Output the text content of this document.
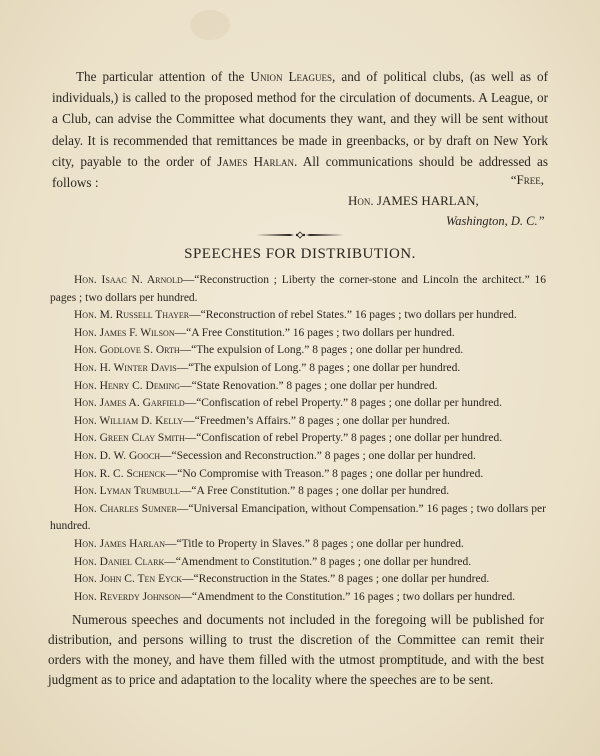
The particular attention of the Union Leagues, and of political clubs, (as well as of individuals,) is called to the proposed method for the circulation of documents. A League, or a Club, can advise the Committee what documents they want, and they will be sent without delay. It is recommended that remittances be made in greenbacks, or by draft on New York city, payable to the order of James Harlan. All communications should be addressed as follows :	“Free,
Hon. JAMES HARLAN,
Washington, D. C.”
SPEECHES FOR DISTRIBUTION.

Hon. Isaac N. Arnold—“Reconstruction ; Liberty the corner-stone and Lincoln the architect.” 16 pages ; two dollars per hundred.

Hon. M. Russell Thayer—“Reconstruction of rebel States.” 16 pages ; two dollars per hundred.

Hon. James F. Wilson—“A Free Constitution.” 16 pages ; two dollars per hundred.

Hon. Godlove S. Orth—“The expulsion of Long.” 8 pages ; one dollar per hundred.

Hon. H. Winter Davis—“The expulsion of Long.” 8 pages ; one dollar per hundred.

Hon. Henry C. Deming—“State Renovation.” 8 pages ; one dollar per hundred.

Hon. James A. Garfield—“Confiscation of rebel Property.” 8 pages ; one dollar per hundred.

Hon. William D. Kelly—“Freedmen’s Affairs.” 8 pages ; one dollar per hundred.

Hon. Green Clay Smith—“Confiscation of rebel Property.” 8 pages ; one dollar per hundred.

Hon. D. W. Gooch—“Secession and Reconstruction.” 8 pages ; one dollar per hundred.

Hon. R. C. Schenck—“No Compromise with Treason.” 8 pages ; one dollar per hundred.

Hon. Lyman Trumbull—“A Free Constitution.” 8 pages ; one dollar per hundred.

Hon. Charles Sumner—“Universal Emancipation, without Compensation.” 16 pages ; two dollars per hundred.

Hon. James Harlan—“Title to Property in Slaves.” 8 pages ; one dollar per hundred.

Hon. Daniel Clark—“Amendment to Constitution.” 8 pages ; one dollar per hundred.

Hon. John C. Ten Eyck—“Reconstruction in the States.” 8 pages ; one dollar per hundred.

Hon. Reverdy Johnson—“Amendment to the Constitution.” 16 pages ; two dollars per hundred.

Numerous speeches and documents not included in the foregoing will be published for distribution, and persons willing to trust the discretion of the Committee can remit their orders with the money, and have them filled with the utmost promptitude, and with the best judgment as to price and adaptation to the locality where the speeches are to be sent.
